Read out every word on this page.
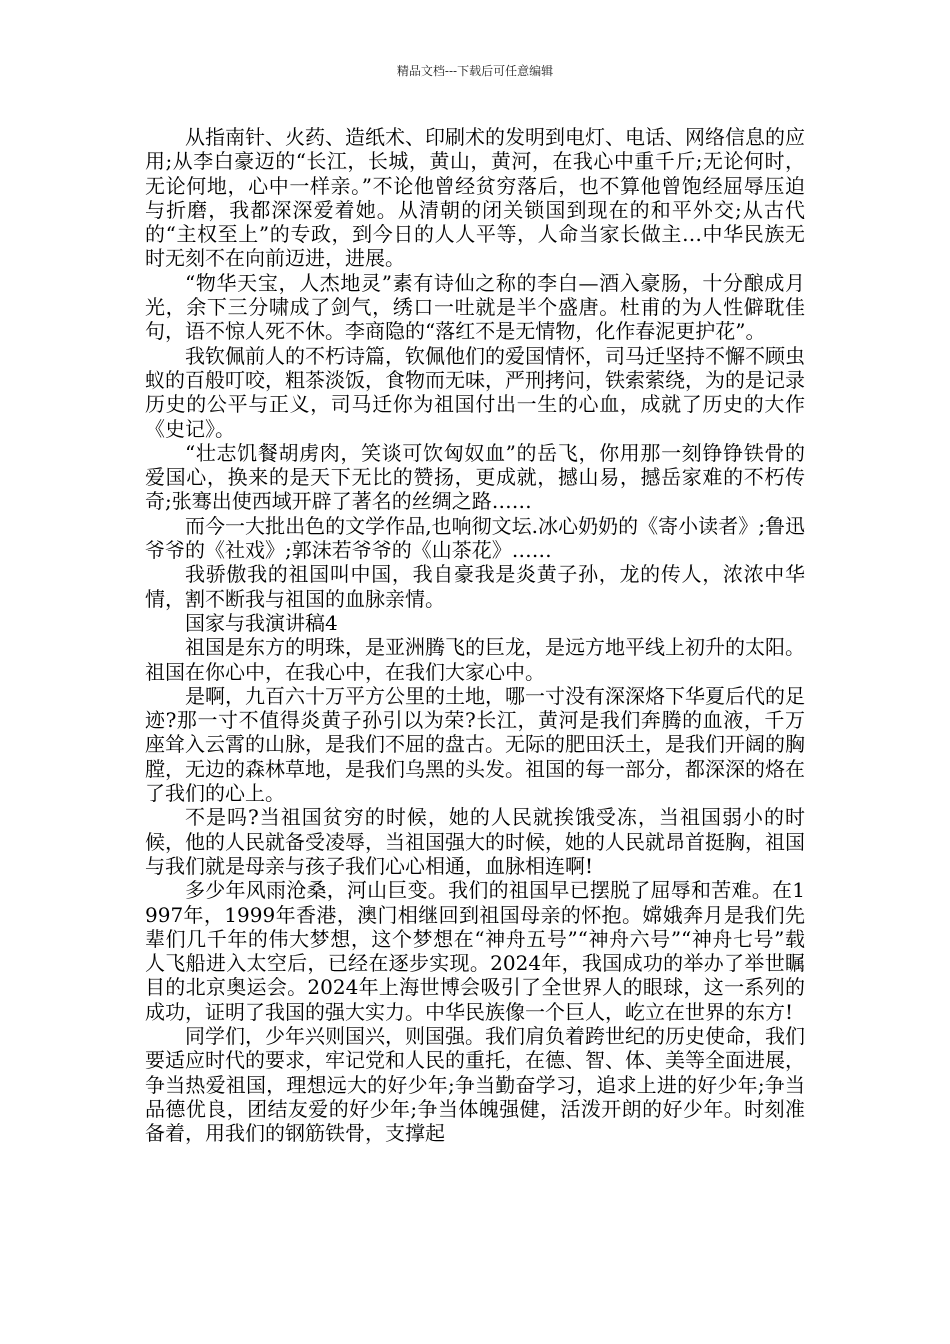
精品文档---下载后可任意编辑

从指南针、火药、造纸术、印刷术的发明到电灯、电话、网络信息的应用;从李白豪迈的“长江，长城，黄山，黄河，在我心中重千斤;无论何时，无论何地，心中一样亲。”不论他曾经贫穷落后，也不算他曾饱经屈辱压迫与折磨，我都深深爱着她。从清朝的闭关锁国到现在的和平外交;从古代的“主权至上”的专政，到今日的人人平等，人命当家长做主…中华民族无时无刻不在向前迈进，进展。

“物华天宝，人杰地灵”素有诗仙之称的李白—酒入豪肠，十分酿成月光，余下三分啸成了剑气，绣口一吐就是半个盛唐。杜甫的为人性僻耽佳句，语不惊人死不休。李商隐的“落红不是无情物，化作春泥更护花”。

我钦佩前人的不朽诗篇，钦佩他们的爱国情怀，司马迁坚持不懈不顾虫蚁的百般叮咬，粗茶淡饭，食物而无味，严刑拷问，铁索萦绕，为的是记录历史的公平与正义，司马迁你为祖国付出一生的心血，成就了历史的大作《史记》。

“壮志饥餐胡虏肉，笑谈可饮匈奴血”的岳飞，你用那一刻铮铮铁骨的爱国心，换来的是天下无比的赞扬，更成就，撼山易，撼岳家难的不朽传奇;张骞出使西域开辟了著名的丝绸之路……

而今一大批出色的文学作品,也响彻文坛.冰心奶奶的《寄小读者》;鲁迅爷爷的《社戏》;郭沫若爷爷的《山茶花》……

我骄傲我的祖国叫中国，我自豪我是炎黄子孙，龙的传人，浓浓中华情，割不断我与祖国的血脉亲情。

国家与我演讲稿4

祖国是东方的明珠，是亚洲腾飞的巨龙，是远方地平线上初升的太阳。祖国在你心中，在我心中，在我们大家心中。

是啊，九百六十万平方公里的土地，哪一寸没有深深烙下华夏后代的足迹?那一寸不值得炎黄子孙引以为荣?长江，黄河是我们奔腾的血液，千万座耸入云霄的山脉，是我们不屈的盘古。无际的肥田沃土，是我们开阔的胸膛，无边的森林草地，是我们乌黑的头发。祖国的每一部分，都深深的烙在了我们的心上。

不是吗?当祖国贫穷的时候，她的人民就挨饿受冻，当祖国弱小的时候，他的人民就备受凌辱，当祖国强大的时候，她的人民就昂首挺胸，祖国与我们就是母亲与孩子我们心心相通，血脉相连啊!

多少年风雨沧桑，河山巨变。我们的祖国早已摆脱了屈辱和苦难。在1997年，1999年香港，澳门相继回到祖国母亲的怀抱。嫦娥奔月是我们先辈们几千年的伟大梦想，这个梦想在“神舟五号”“神舟六号”“神舟七号”载人飞船进入太空后，已经在逐步实现。2024年，我国成功的举办了举世瞩目的北京奥运会。2024年上海世博会吸引了全世界人的眼球，这一系列的成功，证明了我国的强大实力。中华民族像一个巨人，屹立在世界的东方!

同学们，少年兴则国兴，则国强。我们肩负着跨世纪的历史使命，我们要适应时代的要求，牢记党和人民的重托，在德、智、体、美等全面进展，争当热爱祖国，理想远大的好少年;争当勤奋学习，追求上进的好少年;争当品德优良，团结友爱的好少年;争当体魄强健，活泼开朗的好少年。时刻准备着，用我们的钢筋铁骨，支撑起
